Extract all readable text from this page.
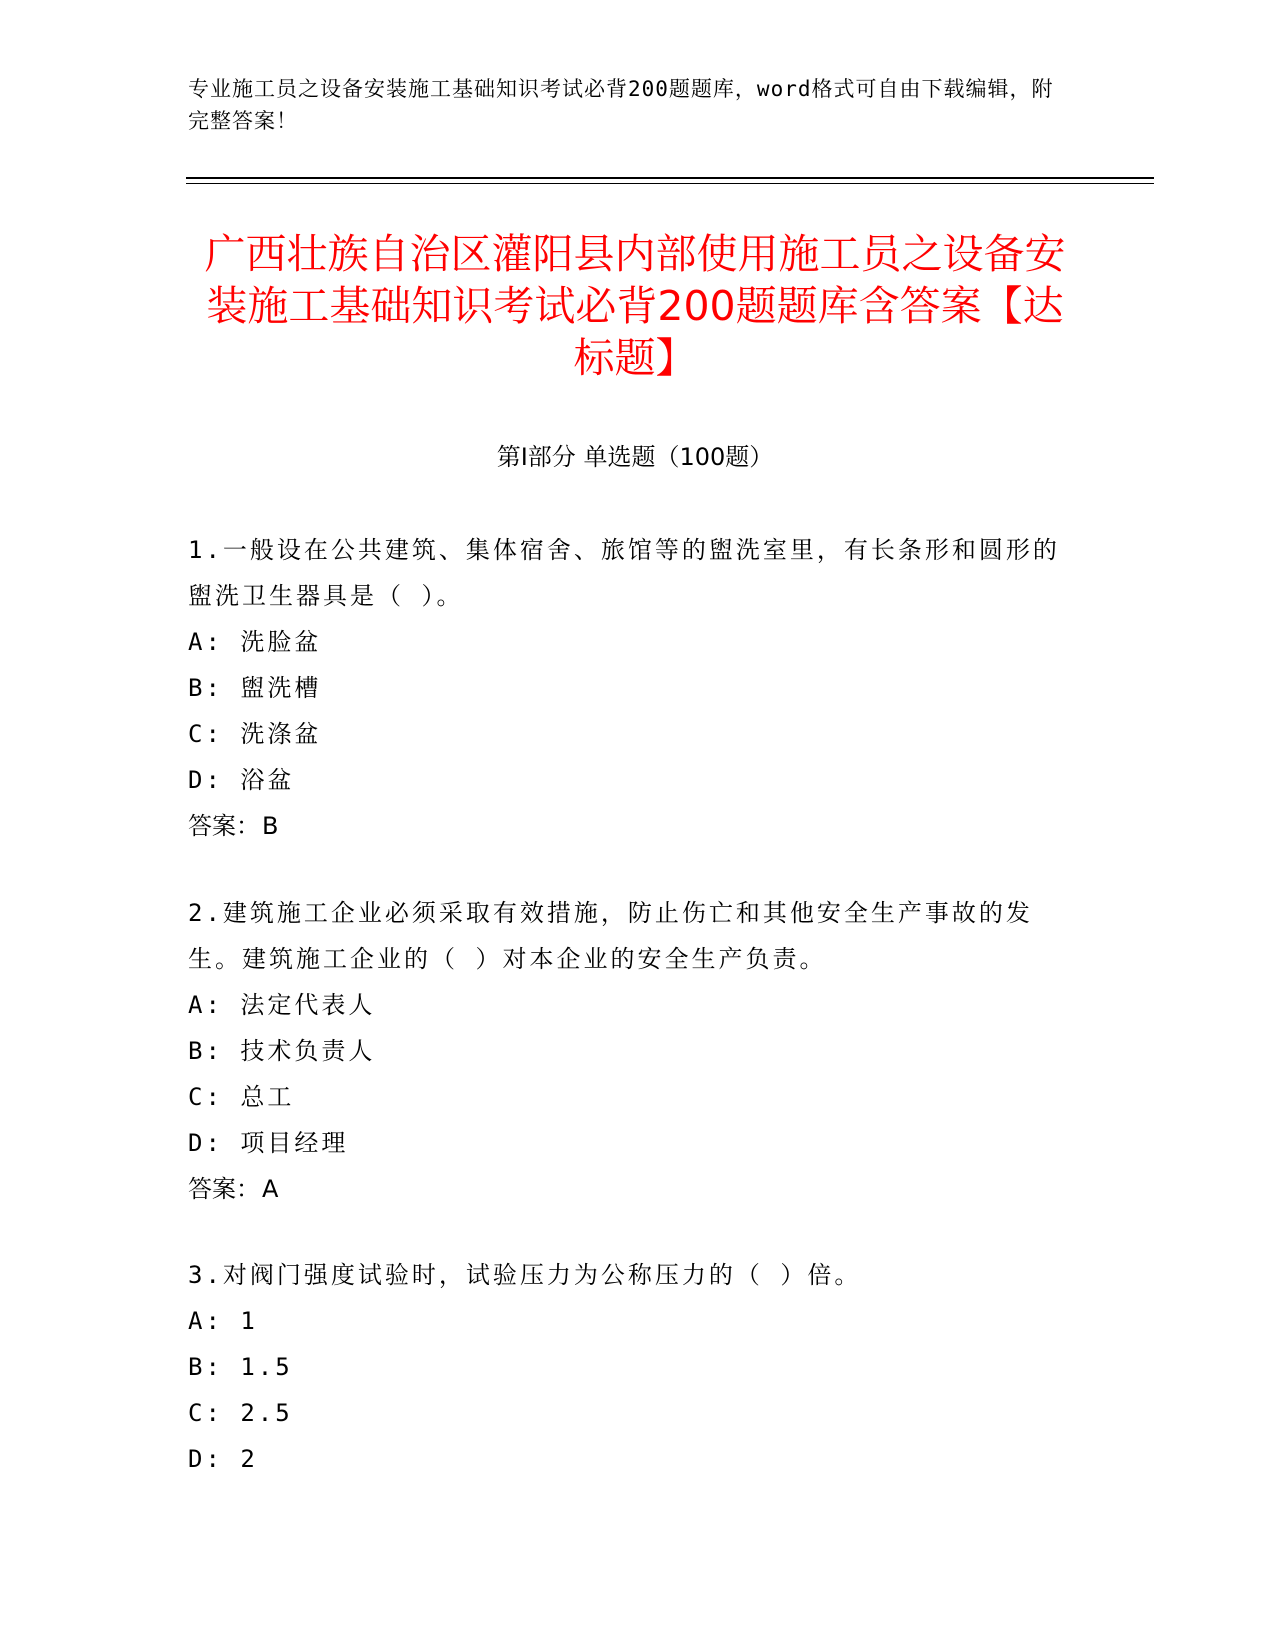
专业施工员之设备安装施工基础知识考试必背200题题库，word格式可自由下载编辑，附完整答案！
广西壮族自治区灌阳县内部使用施工员之设备安装施工基础知识考试必背200题题库含答案【达标题】
第Ⅰ部分 单选题（100题）
1.一般设在公共建筑、集体宿舍、旅馆等的盥洗室里，有长条形和圆形的盥洗卫生器具是（ ）。
A: 洗脸盆
B: 盥洗槽
C: 洗涤盆
D: 浴盆
答案：B
2.建筑施工企业必须采取有效措施，防止伤亡和其他安全生产事故的发生。建筑施工企业的（ ）对本企业的安全生产负责。
A: 法定代表人
B: 技术负责人
C: 总工
D: 项目经理
答案：A
3.对阀门强度试验时，试验压力为公称压力的（ ）倍。
A: 1
B: 1.5
C: 2.5
D: 2
